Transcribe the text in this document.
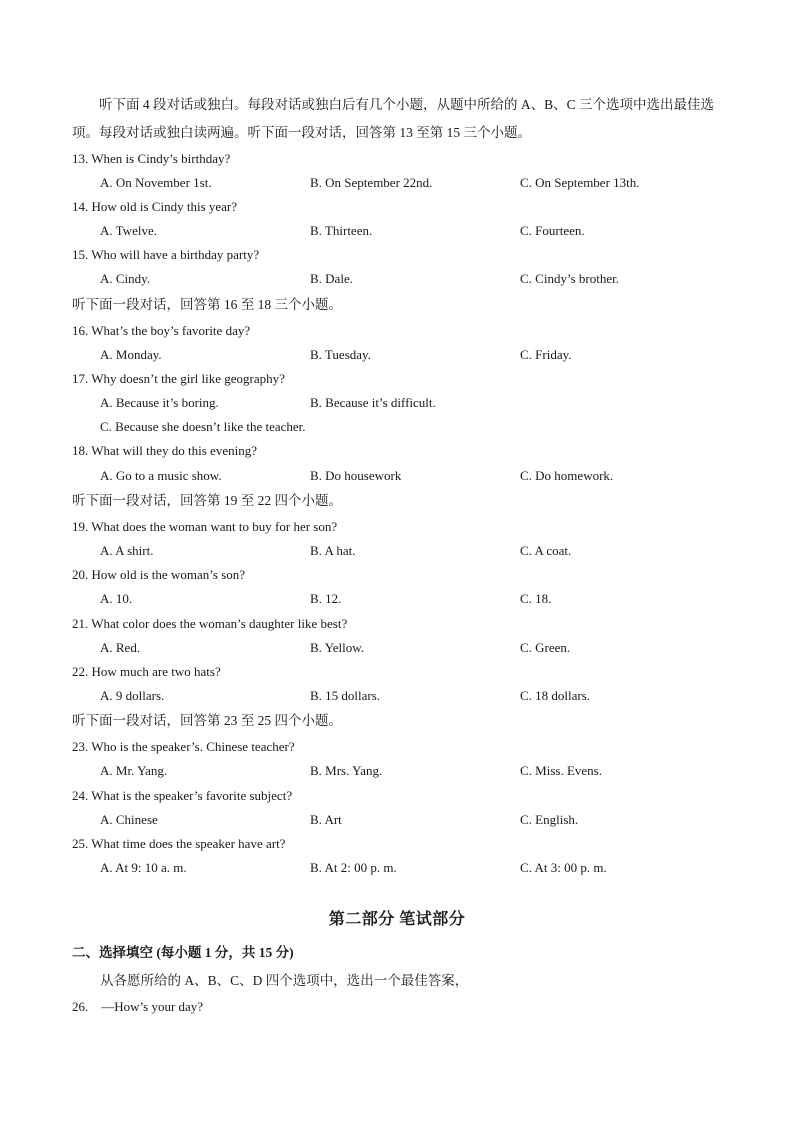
听下面 4 段对话或独白。每段对话或独白后有几个小题，从题中所给的 A、B、C 三个选项中选出最佳选项。每段对话或独白读两遍。听下面一段对话，回答第 13 至第 15 三个小题。
13. When is Cindy’s birthday?
A. On November 1st.	B. On September 22nd.	C. On September 13th.
14. How old is Cindy this year?
A. Twelve.	B. Thirteen.	C. Fourteen.
15. Who will have a birthday party?
A. Cindy.	B. Dale.	C. Cindy’s brother.
听下面一段对话，回答第 16 至 18 三个小题。
16. What’s the boy’s favorite day?
A. Monday.	B. Tuesday.	C. Friday.
17. Why doesn’t the girl like geography?
A. Because it’s boring.	B. Because it’s difficult.
C. Because she doesn’t like the teacher.
18. What will they do this evening?
A. Go to a music show.	B. Do housework	C. Do homework.
听下面一段对话，回答第 19 至 22 四个小题。
19. What does the woman want to buy for her son?
A. A shirt.	B. A hat.	C. A coat.
20. How old is the woman’s son?
A. 10.	B. 12.	C. 18.
21. What color does the woman’s daughter like best?
A. Red.	B. Yellow.	C. Green.
22. How much are two hats?
A. 9 dollars.	B. 15 dollars.	C. 18 dollars.
听下面一段对话，回答第 23 至 25 四个小题。
23. Who is the speaker’s. Chinese teacher?
A. Mr. Yang.	B. Mrs. Yang.	C. Miss. Evens.
24. What is the speaker’s favorite subject?
A. Chinese	B. Art	C. English.
25. What time does the speaker have art?
A. At 9: 10 a. m.	B. At 2: 00 p. m.	C. At 3: 00 p. m.
第二部分 笔试部分
二、选择填空 (每小题 1 分，共 15 分)
从各愿所给的 A、B、C、D 四个选项中，选出一个最佳答案，
26.    —How’s your day?
